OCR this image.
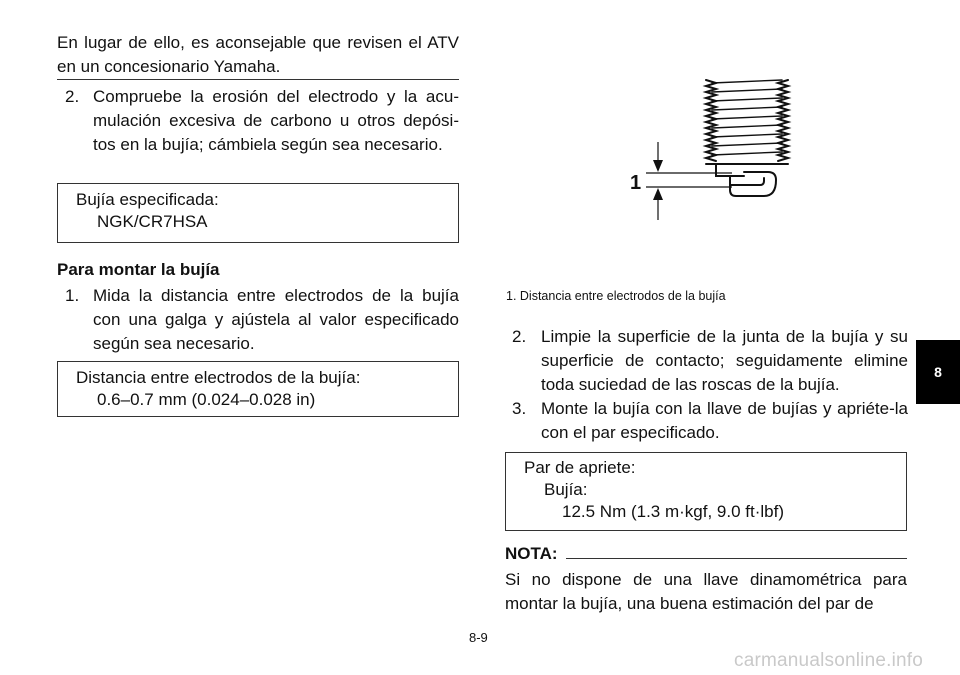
En lugar de ello, es aconsejable que revisen el ATV en un concesionario Yamaha.
2. Compruebe la erosión del electrodo y la acu-mulación excesiva de carbono u otros depósi-tos en la bujía; cámbiela según sea necesario.
Bujía especificada:
NGK/CR7HSA
Para montar la bujía
1. Mida la distancia entre electrodos de la bujía con una galga y ajústela al valor especificado según sea necesario.
Distancia entre electrodos de la bujía:
0.6–0.7 mm (0.024–0.028 in)
1
1. Distancia entre electrodos de la bujía
2. Limpie la superficie de la junta de la bujía y su superficie de contacto; seguidamente elimine toda suciedad de las roscas de la bujía.
3. Monte la bujía con la llave de bujías y apriéte-la con el par especificado.
Par de apriete:
Bujía:
12.5 Nm (1.3 m·kgf, 9.0 ft·lbf)
NOTA:
Si no dispone de una llave dinamométrica para montar la bujía, una buena estimación del par de
8
8-9
carmanualsonline.info
